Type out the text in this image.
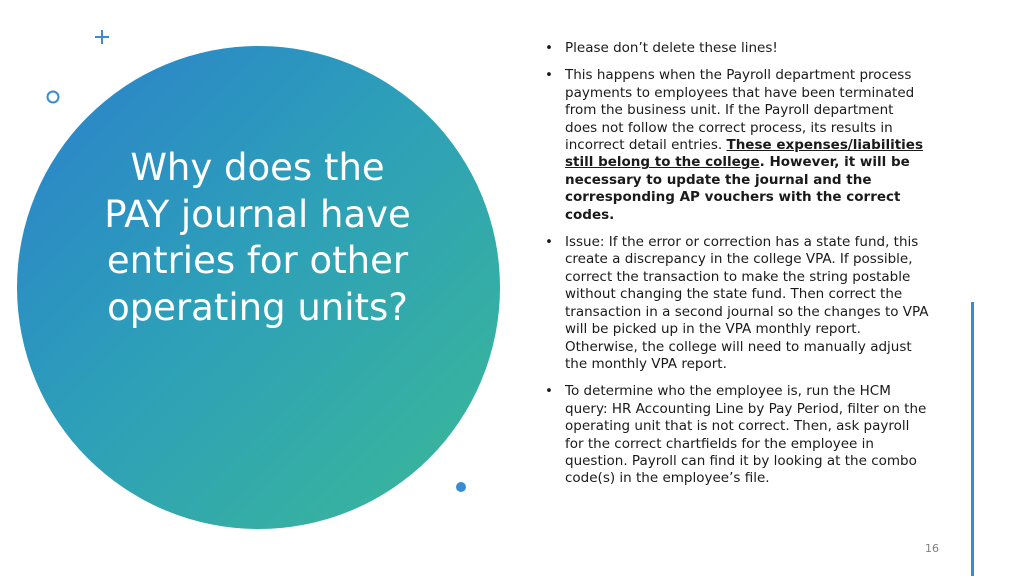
Why does the PAY journal have entries for other operating units?
• Please don’t delete these lines!
• This happens when the Payroll department process payments to employees that have been terminated from the business unit. If the Payroll department does not follow the correct process, its results in incorrect detail entries. These expenses/liabilities still belong to the college. However, it will be necessary to update the journal and the corresponding AP vouchers with the correct codes.
• Issue: If the error or correction has a state fund, this create a discrepancy in the college VPA. If possible, correct the transaction to make the string postable without changing the state fund. Then correct the transaction in a second journal so the changes to VPA will be picked up in the VPA monthly report. Otherwise, the college will need to manually adjust the monthly VPA report.
• To determine who the employee is, run the HCM query: HR Accounting Line by Pay Period, filter on the operating unit that is not correct. Then, ask payroll for the correct chartfields for the employee in question. Payroll can find it by looking at the combo code(s) in the employee’s file.
16
